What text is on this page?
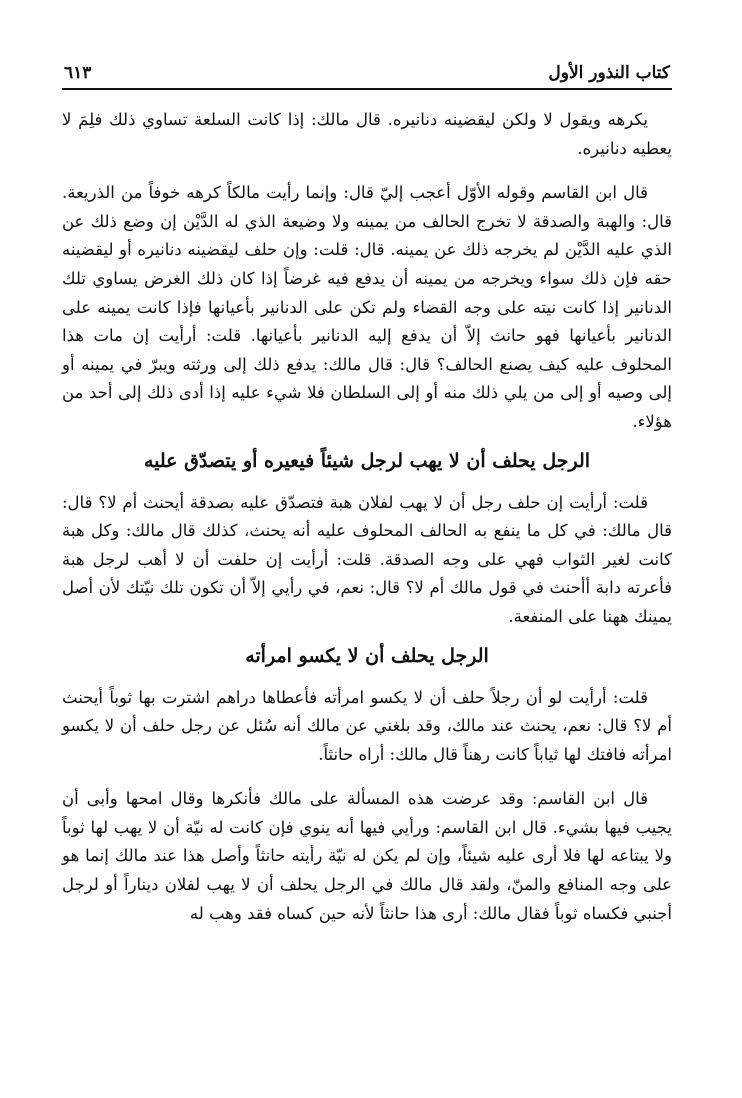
كتاب النذور الأول
٦١٣

يكرهه ويقول لا ولكن ليقضينه دنانيره. قال مالك: إذا كانت السلعة تساوي ذلك فلِمَ لا يعطيه دنانيره.

قال ابن القاسم وقوله الأوّل أعجب إليّ قال: وإنما رأيت مالكاً كرهه خوفاً من الذريعة. قال: والهبة والصدقة لا تخرج الحالف من يمينه ولا وضيعة الذي له الدَّيْن إن وضع ذلك عن الذي عليه الدَّيْن لم يخرجه ذلك عن يمينه. قال: قلت: وإن حلف ليقضينه دنانيره أو ليقضينه حقه فإن ذلك سواء ويخرجه من يمينه أن يدفع فيه غرضاً إذا كان ذلك الغرض يساوي تلك الدنانير إذا كانت نيته على وجه القضاء ولم تكن على الدنانير بأعيانها فإذا كانت يمينه على الدنانير بأعيانها فهو حانث إلاّ أن يدفع إليه الدنانير بأعيانها. قلت: أرأيت إن مات هذا المحلوف عليه كيف يصنع الحالف؟ قال: قال مالك: يدفع ذلك إلى ورثته ويبرّ في يمينه أو إلى وصيه أو إلى من يلي ذلك منه أو إلى السلطان فلا شيء عليه إذا أدى ذلك إلى أحد من هؤلاء.

الرجل يحلف أن لا يهب لرجل شيئاً فيعيره أو يتصدّق عليه

قلت: أرأيت إن حلف رجل أن لا يهب لفلان هبة فتصدّق عليه بصدقة أيحنث أم لا؟ قال: قال مالك: في كل ما ينفع به الحالف المحلوف عليه أنه يحنث، كذلك قال مالك: وكل هبة كانت لغير الثواب فهي على وجه الصدقة. قلت: أرأيت إن حلفت أن لا أهب لرجل هبة فأعرته دابة أأحنث في قول مالك أم لا؟ قال: نعم، في رأيي إلاّ أن تكون تلك نيّتك لأن أصل يمينك ههنا على المنفعة.

الرجل يحلف أن لا يكسو امرأته

قلت: أرأيت لو أن رجلاً حلف أن لا يكسو امرأته فأعطاها دراهم اشترت بها ثوباً أيحنث أم لا؟ قال: نعم، يحنث عند مالك، وقد بلغني عن مالك أنه سُئل عن رجل حلف أن لا يكسو امرأته فافتك لها ثياباً كانت رهناً قال مالك: أراه حانثاً.

قال ابن القاسم: وقد عرضت هذه المسألة على مالك فأنكرها وقال امحها وأبى أن يجيب فيها بشيء. قال ابن القاسم: ورأيي فيها أنه ينوي فإن كانت له نيّة أن لا يهب لها ثوباً ولا يبتاعه لها فلا أرى عليه شيئاً، وإن لم يكن له نيّة رأيته حانثاً وأصل هذا عند مالك إنما هو على وجه المنافع والمنّ، ولقد قال مالك في الرجل يحلف أن لا يهب لفلان ديناراً أو لرجل أجنبي فكساه ثوباً فقال مالك: أرى هذا حانثاً لأنه حين كساه فقد وهب له
